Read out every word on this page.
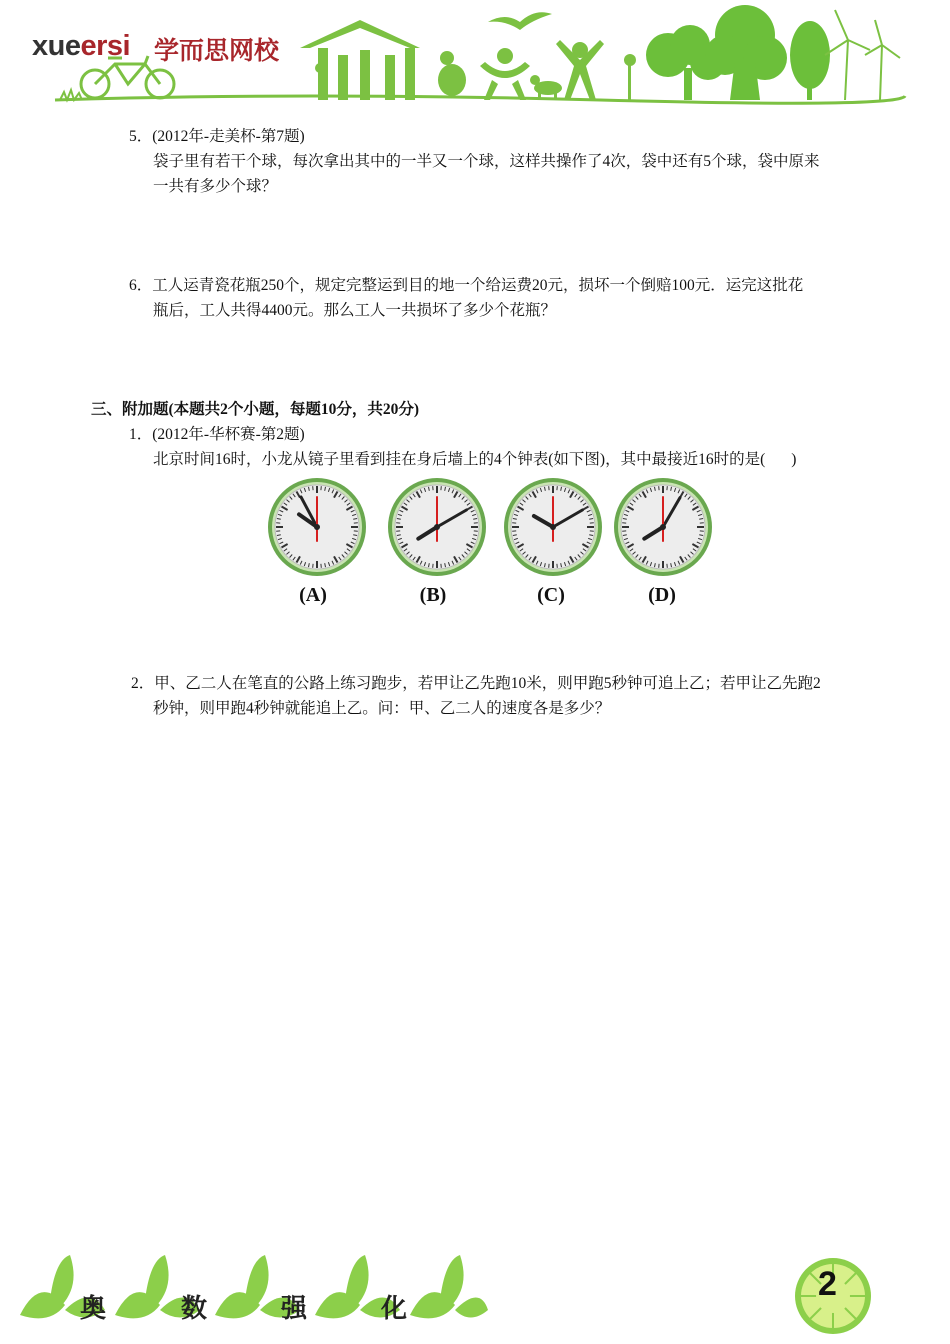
xueersi 学而思网校
5．(2012年-走美杯-第7题)
袋子里有若干个球，每次拿出其中的一半又一个球，这样共操作了4次，袋中还有5个球，袋中原来
一共有多少个球？
6．工人运青瓷花瓶250个，规定完整运到目的地一个给运费20元，损坏一个倒赔100元．运完这批花
瓶后，工人共得4400元。那么工人一共损坏了多少个花瓶？
三、附加题(本题共2个小题，每题10分，共20分)
1．(2012年-华杯赛-第2题)
北京时间16时，小龙从镜子里看到挂在身后墙上的4个钟表(如下图)，其中最接近16时的是( )
(A)	(B)	(C)	(D)
2．甲、乙二人在笔直的公路上练习跑步，若甲让乙先跑10米，则甲跑5秒钟可追上乙；若甲让乙先跑2
秒钟，则甲跑4秒钟就能追上乙。问：甲、乙二人的速度各是多少？
奥	数	强	化
2
